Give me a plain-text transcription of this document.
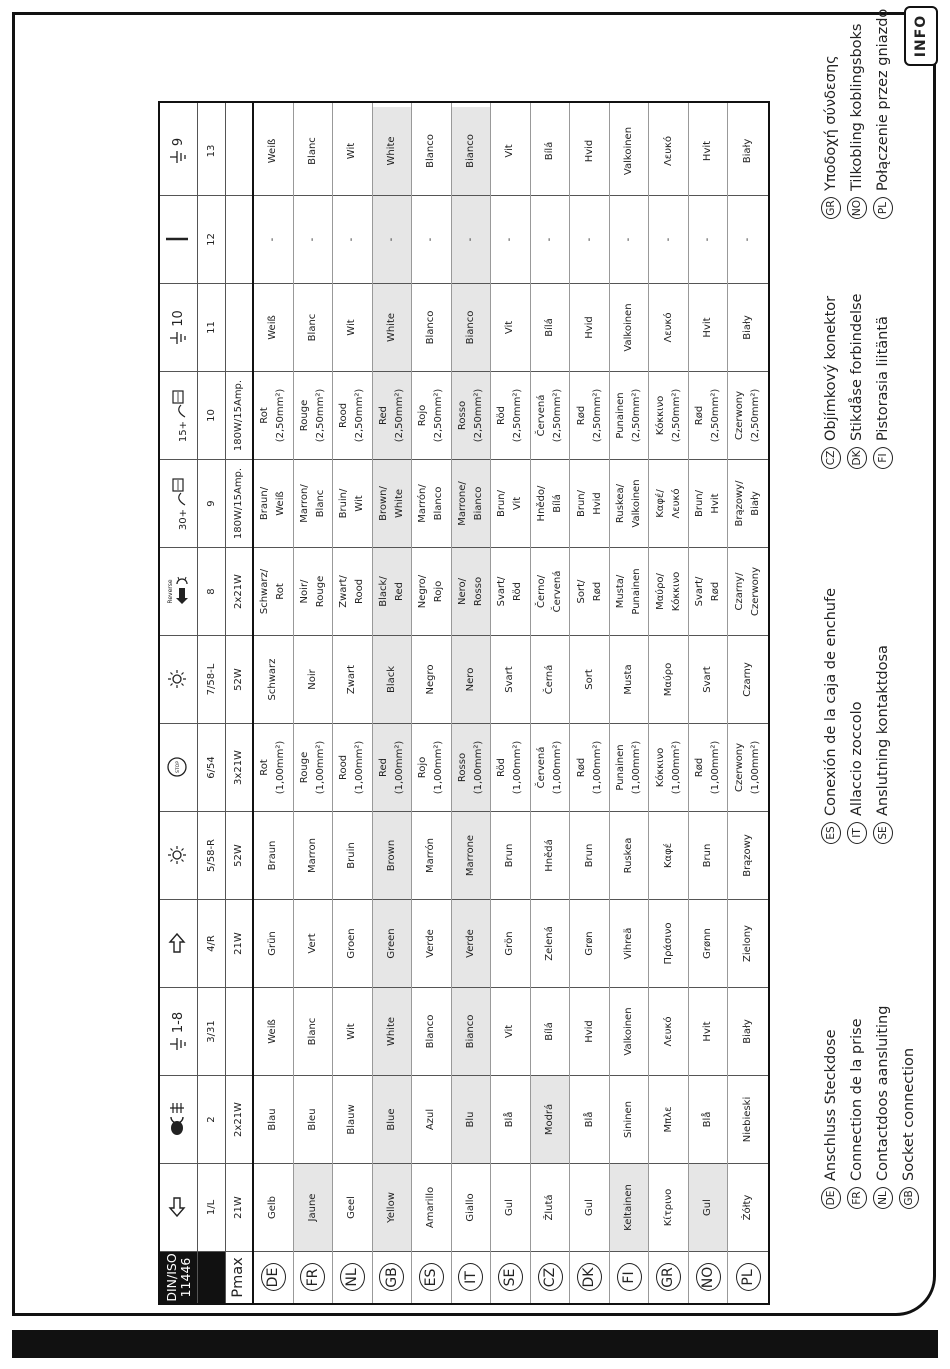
INFO
DE
Anschluss Steckdose
FR
Connection de la prise
NL
Contactdoos aansluiting
GB
Socket connection
ES
Conexión de la caja de enchufe
IT
Allaccio zoccolo
SE
Anslutning kontaktdosa
CZ
Objímkový konektor
DK
Stikdåse forbindelse
FI
Pistorasia liitäntä
GR
Υποδοχή σύνδεσης
NO
Tilkobling koblingsboks
PL
Połączenie przez gniazdo
DIN/ISO 11446
1-8
STOP
Reverse
30+
15+
10
9
1/L
2
3/31
4/R
5/58-R
6/54
7/58-L
8
9
10
11
12
13
Pmax
21W
2x21W
21W
52W
3x21W
52W
2x21W
180W/15Amp.
180W/15Amp.
DE
Gelb
Blau
Weiß
Grün
Braun
Rot (1,00mm²)
Schwarz
Schwarz/ Rot
Braun/ Weiß
Rot (2,50mm²)
Weiß
-
Weiß
FR
Jaune
Bleu
Blanc
Vert
Marron
Rouge (1,00mm²)
Noir
Noir/ Rouge
Marron/ Blanc
Rouge (2,50mm²)
Blanc
-
Blanc
NL
Geel
Blauw
Wit
Groen
Bruin
Rood (1,00mm²)
Zwart
Zwart/ Rood
Bruin/ Wit
Rood (2,50mm²)
Wit
-
Wit
GB
Yellow
Blue
White
Green
Brown
Red (1,00mm²)
Black
Black/ Red
Brown/ White
Red (2,50mm²)
White
-
White
ES
Amarillo
Azul
Blanco
Verde
Marrón
Rojo (1,00mm²)
Negro
Negro/ Rojo
Marrón/ Blanco
Rojo (2,50mm²)
Blanco
-
Blanco
IT
Giallo
Blu
Bianco
Verde
Marrone
Rosso (1,00mm²)
Nero
Nero/ Rosso
Marrone/ Bianco
Rosso (2,50mm²)
Bianco
-
Bianco
SE
Gul
Blå
Vit
Grön
Brun
Röd (1,00mm²)
Svart
Svart/ Röd
Brun/ Vit
Röd (2,50mm²)
Vit
-
Vit
CZ
Žlutá
Modrá
Bílá
Zelená
Hnědá
Červená (1,00mm²)
Černá
Černo/ Červená
Hnědo/ Bílá
Červená (2,50mm²)
Bílá
-
Bílá
DK
Gul
Blå
Hvid
Grøn
Brun
Rød (1,00mm²)
Sort
Sort/ Rød
Brun/ Hvid
Rød (2,50mm²)
Hvid
-
Hvid
FI
Keltainen
Sininen
Valkoinen
Vihreä
Ruskea
Punainen (1,00mm²)
Musta
Musta/ Punainen
Ruskea/ Valkoinen
Punainen (2,50mm²)
Valkoinen
-
Valkoinen
GR
Κίτρινο
Μπλε
Λευκό
Πράσινο
Καφέ
Κόκκινο (1,00mm²)
Μαύρο
Μαύρο/ Κόκκινο
Καφέ/ Λευκό
Κόκκινο (2,50mm²)
Λευκό
-
Λευκό
NO
Gul
Blå
Hvit
Grønn
Brun
Rød (1,00mm²)
Svart
Svart/ Rød
Brun/ Hvit
Rød (2,50mm²)
Hvit
-
Hvit
PL
Żółty
Niebieski
Biały
Zielony
Brązowy
Czerwony (1,00mm²)
Czarny
Czarny/ Czerwony
Brązowy/ Biały
Czerwony (2,50mm²)
Biały
-
Biały
